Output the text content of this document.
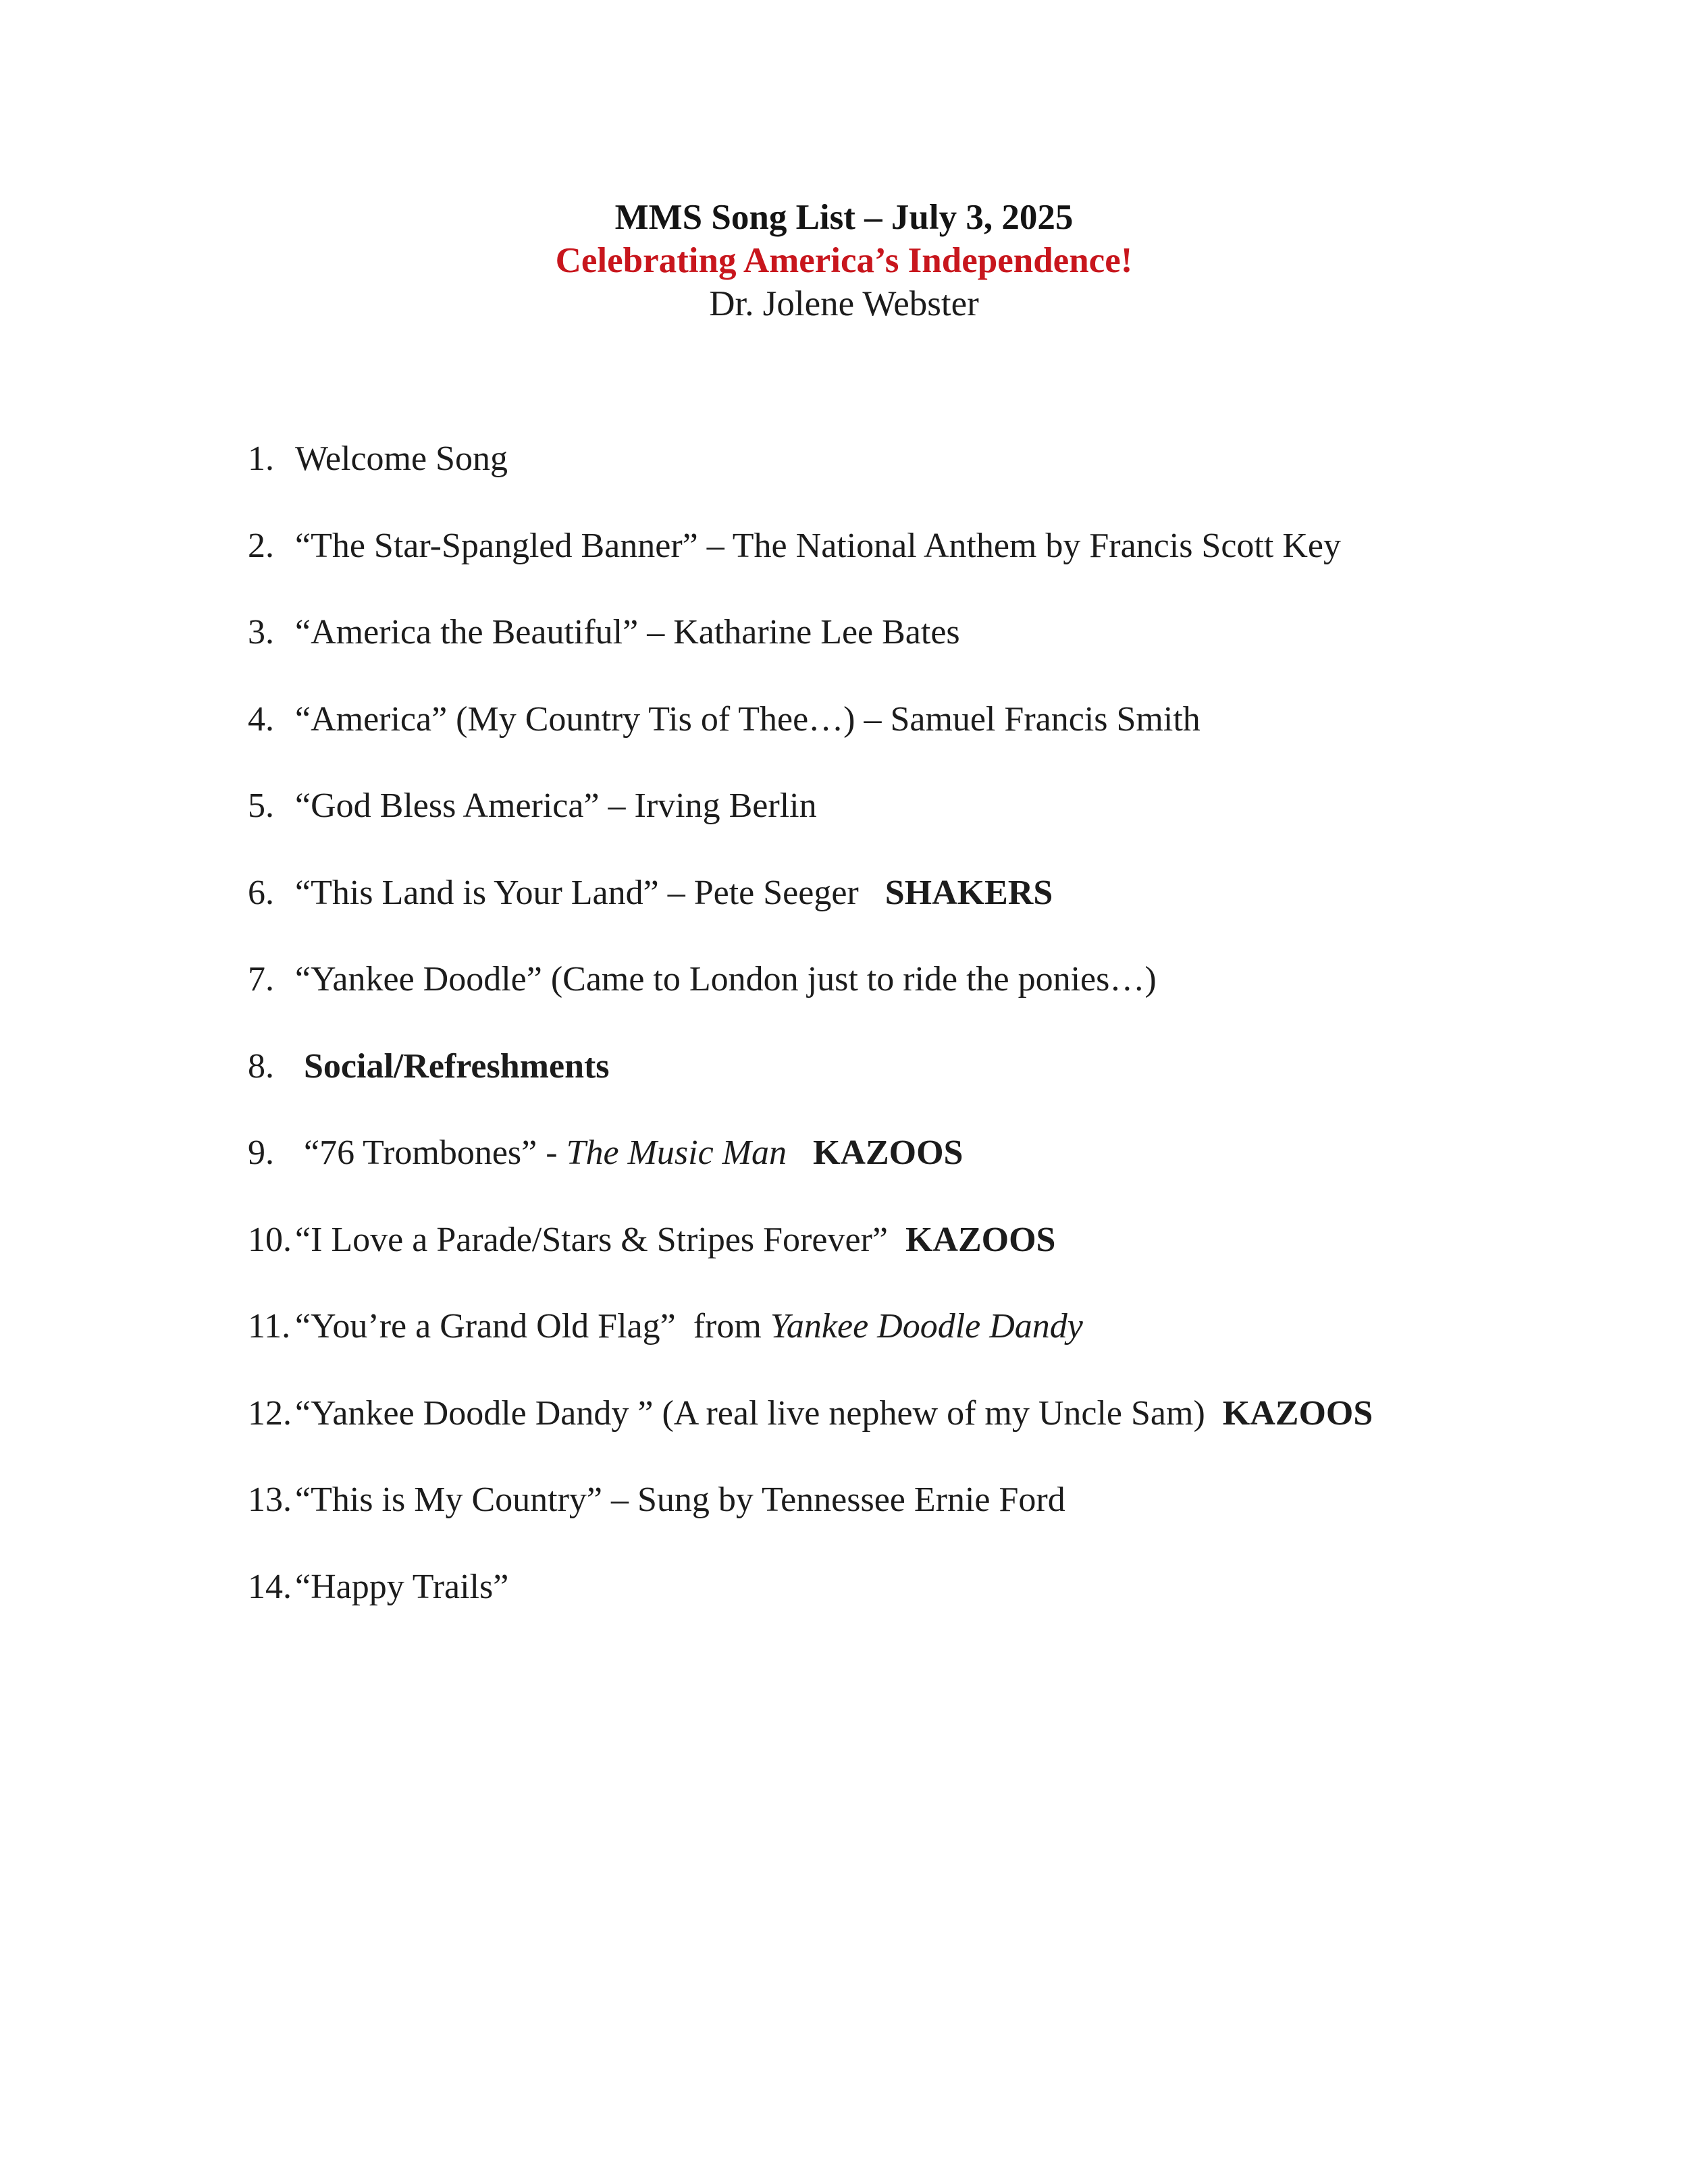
MMS Song List – July 3, 2025
Celebrating America’s Independence!
Dr. Jolene Webster
1. Welcome Song
2. “The Star-Spangled Banner” – The National Anthem by Francis Scott Key
3. “America the Beautiful” – Katharine Lee Bates
4. “America” (My Country Tis of Thee…) – Samuel Francis Smith
5. “God Bless America” – Irving Berlin
6. “This Land is Your Land” – Pete Seeger   SHAKERS
7. “Yankee Doodle” (Came to London just to ride the ponies…)
8. Social/Refreshments
9. “76 Trombones” - The Music Man KAZOOS
10.“I Love a Parade/Stars & Stripes Forever”  KAZOOS
11. “You’re a Grand Old Flag”  from Yankee Doodle Dandy
12.“Yankee Doodle Dandy ” (A real live nephew of my Uncle Sam)  KAZOOS
13.“This is My Country” – Sung by Tennessee Ernie Ford
14.“Happy Trails”
